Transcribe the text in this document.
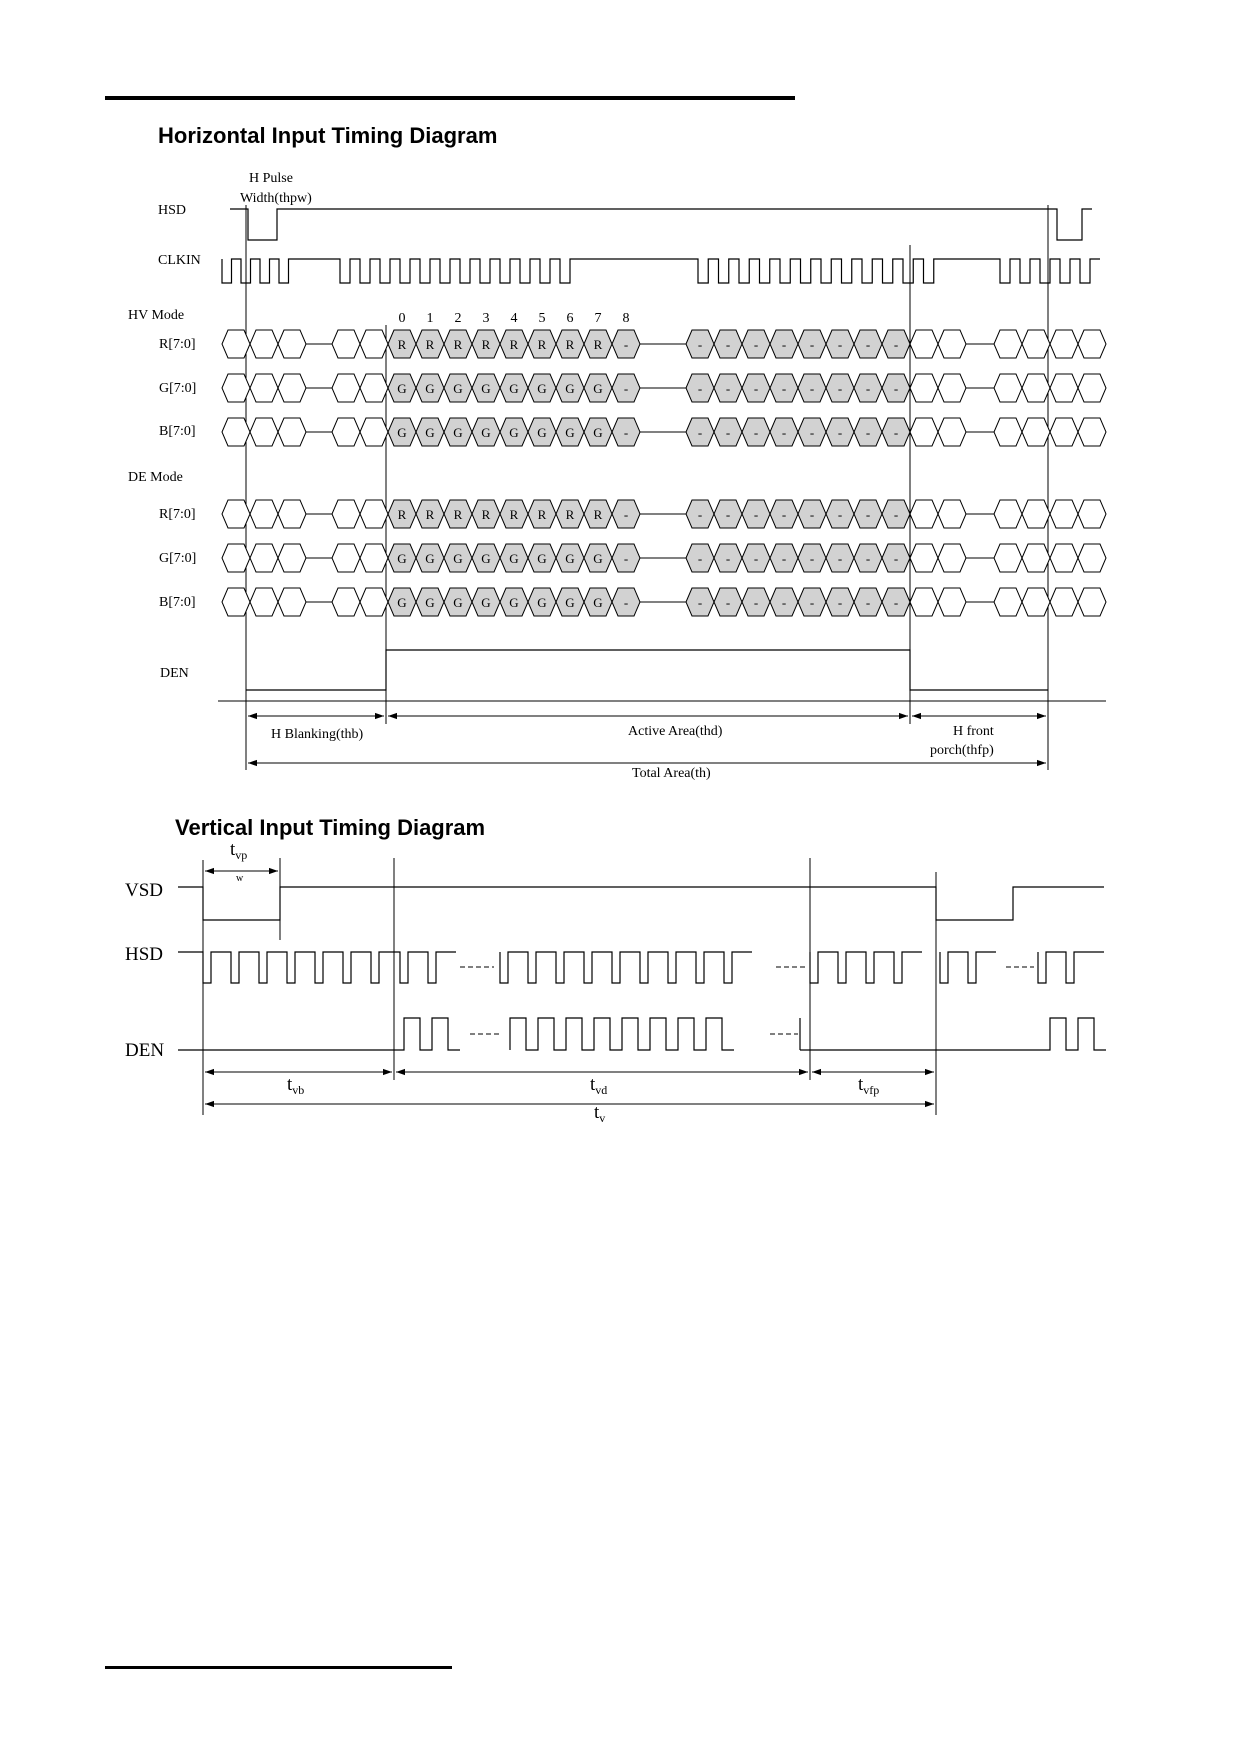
Horizontal Input Timing Diagram
Vertical Input Timing Diagram
HSD
CLKIN
HV Mode
R[7:0]
G[7:0]
B[7:0]
DE Mode
R[7:0]
G[7:0]
B[7:0]
DEN
H Pulse
Width(thpw)
0 1 2 3 4 5 6 7 8
R R R R R R R R -	- - - - - - - -
G G G G G G G G -	- - - - - - - -
G G G G G G G G -	- - - - - - - -
R R R R R R R R -	- - - - - - - -
G G G G G G G G -	- - - - - - - -
G G G G G G G G -	- - - - - - - -
H Blanking(thb)	Active Area(thd)	H front
porch(thfp)
Total Area(th)
VSD
HSD
DEN
$t_{vp}$
w
$t_{vb}$	$t_{vd}$	$t_{vfp}$
$t_v$
